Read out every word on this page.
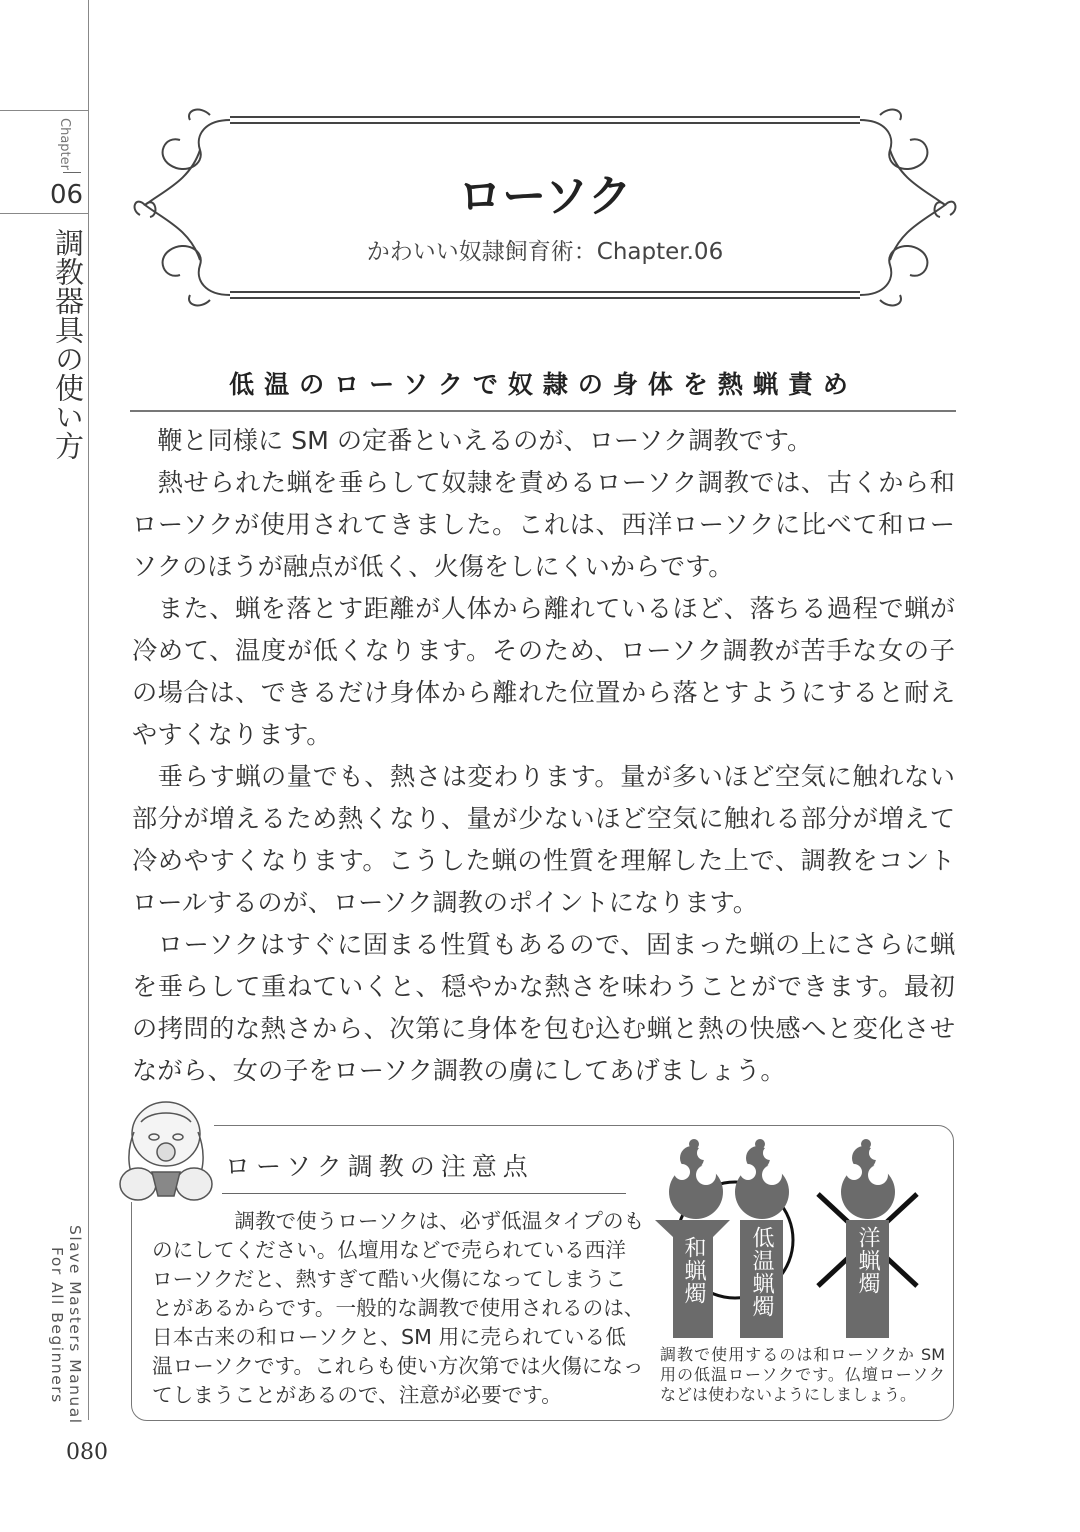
Chapter
06
調教器具の使い方
Slave Masters Manual
For All Beginners
080
ローソク
かわいい奴隷飼育術：Chapter.06
低温のローソクで奴隷の身体を熱蝋責め
　鞭と同様に SM の定番といえるのが、ローソク調教です。
　熱せられた蝋を垂らして奴隷を責めるローソク調教では、古くから和
ローソクが使用されてきました。これは、西洋ローソクに比べて和ロー
ソクのほうが融点が低く、火傷をしにくいからです。
　また、蝋を落とす距離が人体から離れているほど、落ちる過程で蝋が
冷めて、温度が低くなります。そのため、ローソク調教が苦手な女の子
の場合は、できるだけ身体から離れた位置から落とすようにすると耐え
やすくなります。
　垂らす蝋の量でも、熱さは変わります。量が多いほど空気に触れない
部分が増えるため熱くなり、量が少ないほど空気に触れる部分が増えて
冷めやすくなります。こうした蝋の性質を理解した上で、調教をコント
ロールするのが、ローソク調教のポイントになります。
　ローソクはすぐに固まる性質もあるので、固まった蝋の上にさらに蝋
を垂らして重ねていくと、穏やかな熱さを味わうことができます。最初
の拷問的な熱さから、次第に身体を包む込む蝋と熱の快感へと変化させ
ながら、女の子をローソク調教の虜にしてあげましょう。
ローソク調教の注意点
　　　　調教で使うローソクは、必ず低温タイプのも
のにしてください。仏壇用などで売られている西洋
ローソクだと、熱すぎて酷い火傷になってしまうこ
とがあるからです。一般的な調教で使用されるのは、
日本古来の和ローソクと、SM 用に売られている低
温ローソクです。これらも使い方次第では火傷になっ
てしまうことがあるので、注意が必要です。
和蝋燭 低温蝋燭	洋蝋燭
調教で使用するのは和ローソクか SM
用の低温ローソクです。仏壇ローソク
などは使わないようにしましょう。
